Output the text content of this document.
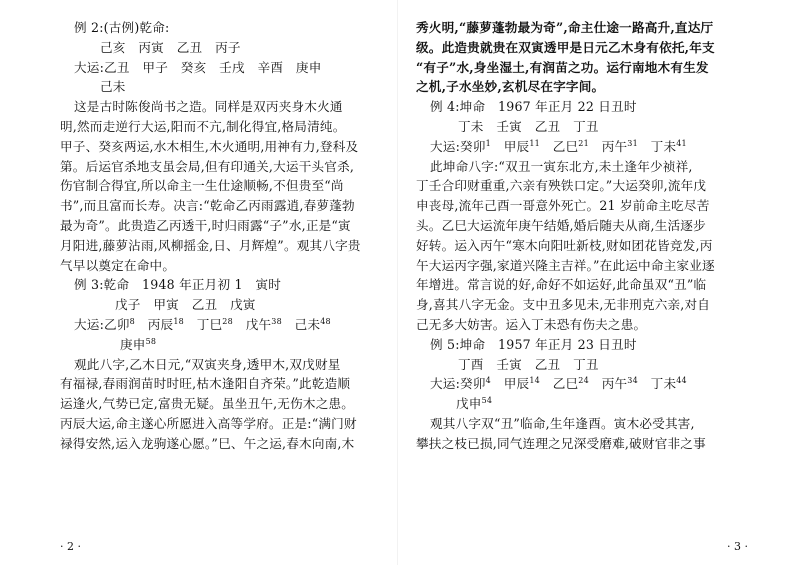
例 2:(古例)乾命:
己亥　丙寅　乙丑　丙子
大运:乙丑　甲子　癸亥　壬戌　辛酉　庚申
己未
这是古时陈俊尚书之造。同样是双丙夹身木火通
明,然而走逆行大运,阳而不亢,制化得宜,格局清纯。
甲子、癸亥两运,水木相生,木火通明,用神有力,登科及
第。后运官杀地支虽会局,但有印通关,大运干头官杀,
伤官制合得宜,所以命主一生仕途顺畅,不但贵至“尚
书”,而且富而长寿。决言:“乾命乙丙雨露逍,春萝蓬勃
最为奇”。此贵造乙丙透干,时归雨露“子”水,正是“寅
月阳进,藤萝沾雨,风柳摇金,日、月辉煌”。观其八字贵
气早以奠定在命中。
例 3:乾命　1948 年正月初 1　寅时
戊子　甲寅　乙丑　戊寅
大运:乙卯$^8$　 丙辰$^{18}$　 丁巳$^{28}$　 戊午$^{38}$　 己未$^{48}$
庚申$^{58}$
观此八字,乙木日元,“双寅夹身,透甲木,双戊财星
有福禄,春雨润苗时时旺,枯木逢阳自齐荣。”此乾造顺
运逢火,气势已定,富贵无疑。虽坐丑午,无伤木之患。
丙辰大运,命主遂心所愿进入高等学府。正是:“满门财
禄得安然,运入龙驹遂心愿。”巳、午之运,春木向南,木
· 2 ·
秀火明,“藤萝蓬勃最为奇”,命主仕途一路高升,直达厅
级。此造贵就贵在双寅透甲是日元乙木身有依托,年支
“有子”水,身坐湿土,有润苗之功。运行南地木有生发
之机,子水坐妙,玄机尽在字字间。
例 4:坤命　1967 年正月 22 日丑时
丁未　壬寅　乙丑　丁丑
大运:癸卯$^1$　 甲辰$^{11}$　 乙巳$^{21}$　 丙午$^{31}$　 丁未$^{41}$
此坤命八字:“双丑一寅东北方,未土逢年少祯祥,
丁壬合印财重重,六亲有殃铁口定。”大运癸卯,流年戊
申丧母,流年己酉一哥意外死亡。21 岁前命主吃尽苦
头。乙巳大运流年庚午结婚,婚后随夫从商,生活逐步
好转。运入丙午“寒木向阳吐新枝,财如团花皆竞发,丙
午大运丙字强,家道兴隆主吉祥。”在此运中命主家业逐
年增进。常言说的好,命好不如运好,此命虽双“丑”临
身,喜其八字无金。支中丑多见未,无非刑克六亲,对自
己无多大妨害。运入丁未恐有伤夫之患。
例 5:坤命　1957 年正月 23 日丑时
丁酉　壬寅　乙丑　丁丑
大运:癸卯$^4$　 甲辰$^{14}$　 乙巳$^{24}$　 丙午$^{34}$　 丁未$^{44}$
戊申$^{54}$
观其八字双“丑”临命,生年逢酉。寅木必受其害,
攀扶之枝已损,同气连理之兄深受磨难,破财官非之事
· 3 ·
